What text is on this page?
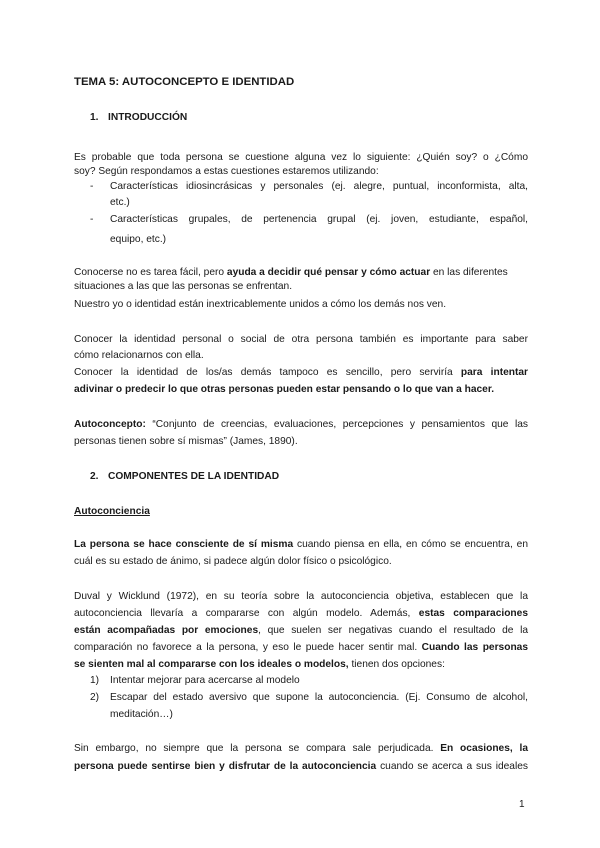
TEMA 5: AUTOCONCEPTO E IDENTIDAD
1. INTRODUCCIÓN
Es probable que toda persona se cuestione alguna vez lo siguiente: ¿Quién soy? o ¿Cómo
soy? Según respondamos a estas cuestiones estaremos utilizando:
- Características idiosincrásicas y personales (ej. alegre, puntual, inconformista, alta,
etc.)
- Características grupales, de pertenencia grupal (ej. joven, estudiante, español,
equipo, etc.)
Conocerse no es tarea fácil, pero ayuda a decidir qué pensar y cómo actuar en las diferentes
situaciones a las que las personas se enfrentan.
Nuestro yo o identidad están inextricablemente unidos a cómo los demás nos ven.
Conocer la identidad personal o social de otra persona también es importante para saber
cómo relacionarnos con ella.
Conocer la identidad de los/as demás tampoco es sencillo, pero serviría para intentar
adivinar o predecir lo que otras personas pueden estar pensando o lo que van a hacer.
Autoconcepto: “Conjunto de creencias, evaluaciones, percepciones y pensamientos que las
personas tienen sobre sí mismas” (James, 1890).
2. COMPONENTES DE LA IDENTIDAD
Autoconciencia
La persona se hace consciente de sí misma cuando piensa en ella, en cómo se encuentra, en
cuál es su estado de ánimo, si padece algún dolor físico o psicológico.
Duval y Wicklund (1972), en su teoría sobre la autoconciencia objetiva, establecen que la
autoconciencia llevaría a compararse con algún modelo. Además, estas comparaciones
están acompañadas por emociones, que suelen ser negativas cuando el resultado de la
comparación no favorece a la persona, y eso le puede hacer sentir mal. Cuando las personas
se sienten mal al compararse con los ideales o modelos, tienen dos opciones:
1) Intentar mejorar para acercarse al modelo
2) Escapar del estado aversivo que supone la autoconciencia. (Ej. Consumo de alcohol,
meditación…)
Sin embargo, no siempre que la persona se compara sale perjudicada. En ocasiones, la
persona puede sentirse bien y disfrutar de la autoconciencia cuando se acerca a sus ideales
1
